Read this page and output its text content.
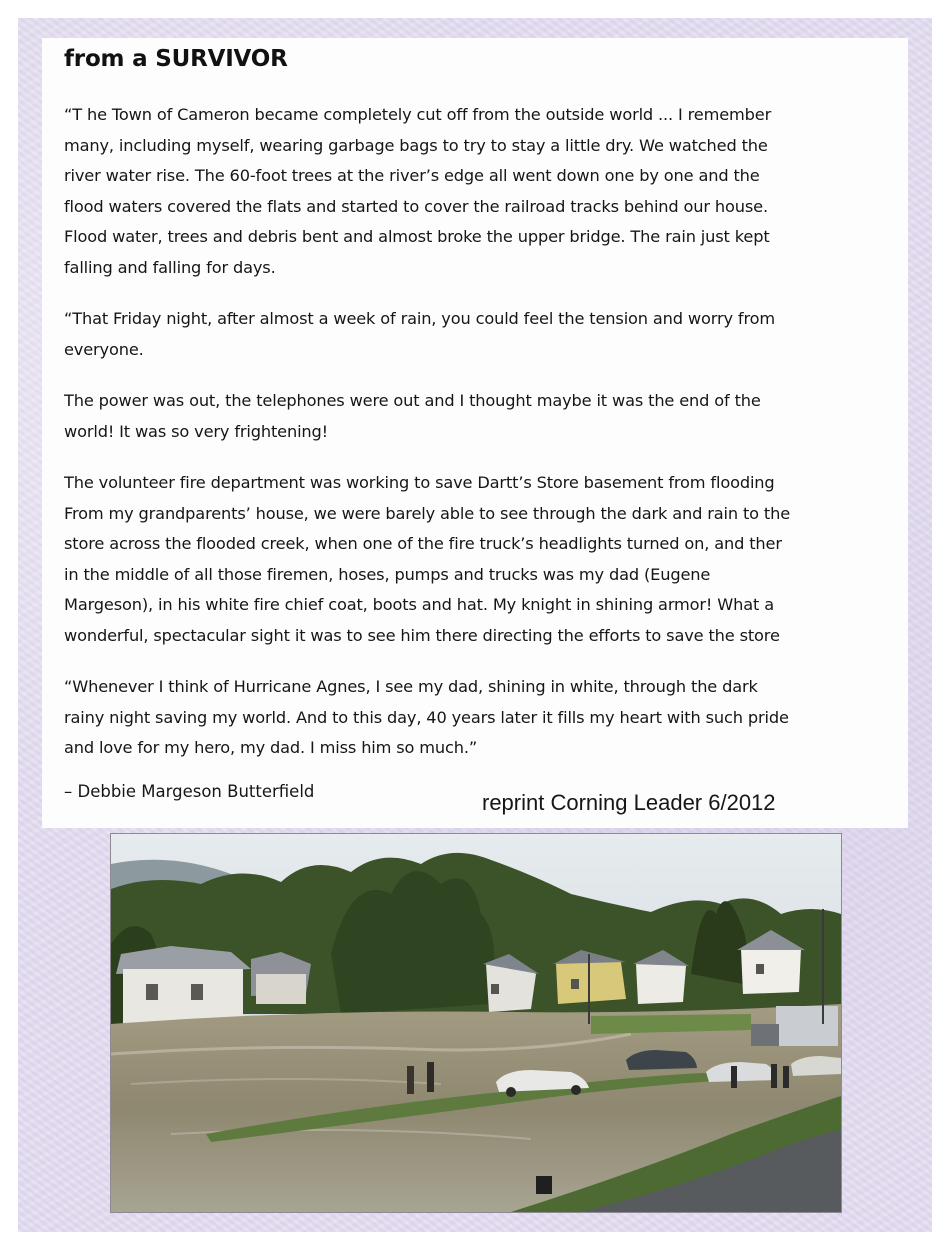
from a SURVIVOR

“T he Town of Cameron became completely cut off from the outside world ... I remember
many, including myself, wearing garbage bags to try to stay a little dry. We watched the
river water rise. The 60-foot trees at the river’s edge all went down one by one and the
flood waters covered the flats and started to cover the railroad tracks behind our house.
Flood water, trees and debris bent and almost broke the upper bridge. The rain just kept
falling and falling for days.

“That Friday night, after almost a week of rain, you could feel the tension and worry from
everyone.

The power was out, the telephones were out and I thought maybe it was the end of the
world! It was so very frightening!

The volunteer fire department was working to save Dartt’s Store basement from flooding
From my grandparents’ house, we were barely able to see through the dark and rain to the
store across the flooded creek, when one of the fire truck’s headlights turned on, and ther
in the middle of all those firemen, hoses, pumps and trucks was my dad (Eugene
Margeson), in his white fire chief coat, boots and hat. My knight in shining armor! What a
wonderful, spectacular sight it was to see him there directing the efforts to save the store

“Whenever I think of Hurricane Agnes, I see my dad, shining in white, through the dark
rainy night saving my world. And to this day, 40 years later it fills my heart with such pride
and love for my hero, my dad. I miss him so much.”

– Debbie Margeson Butterfield	reprint Corning Leader 6/2012
